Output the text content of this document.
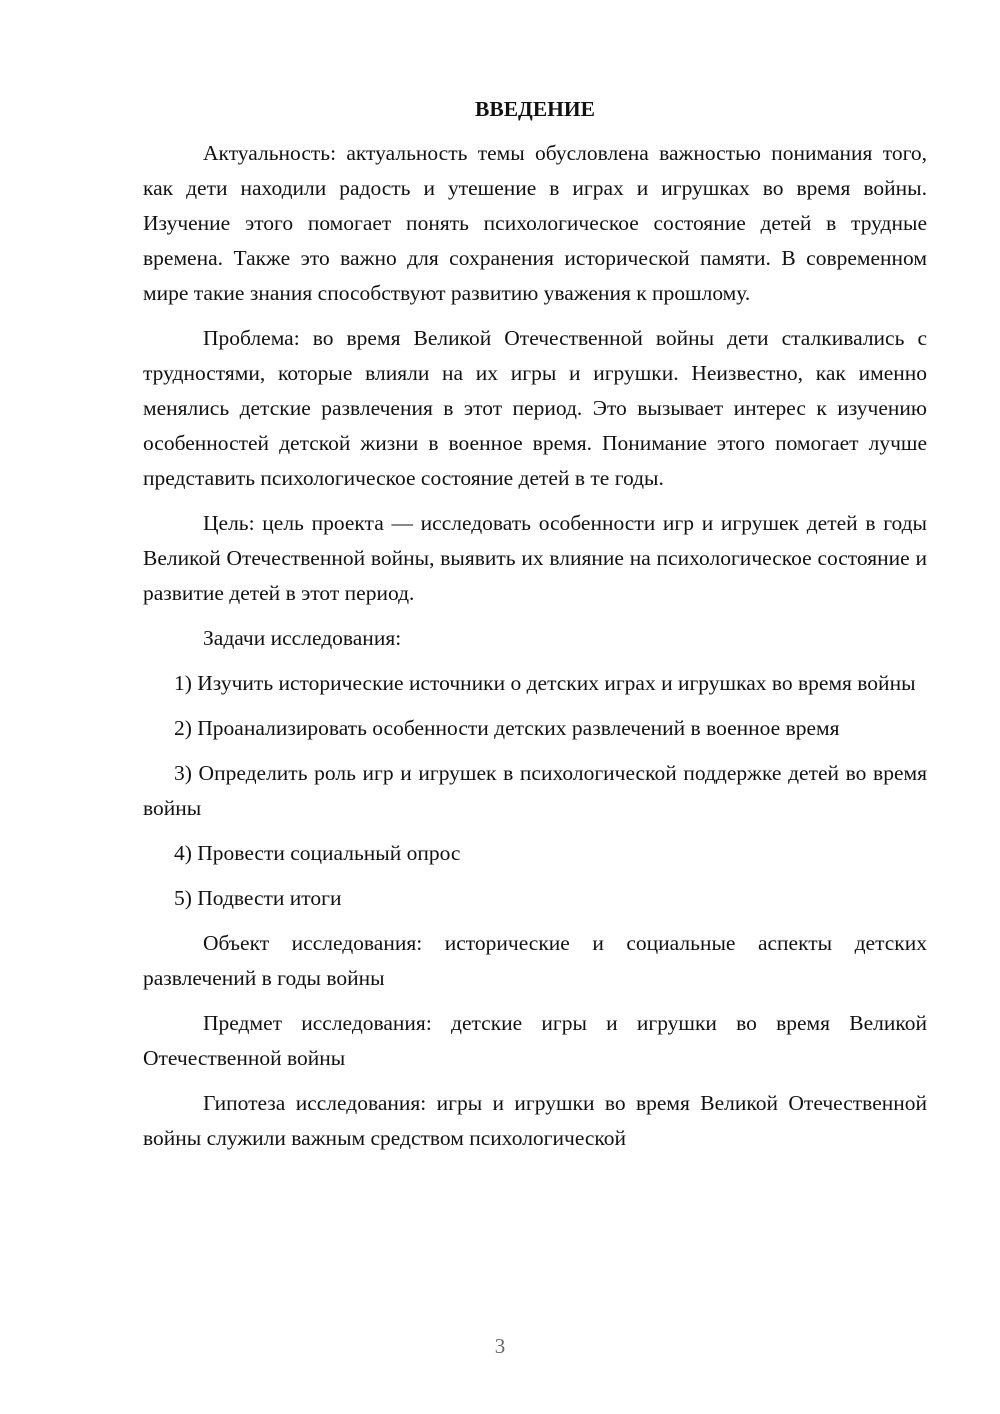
ВВЕДЕНИЕ

Актуальность: актуальность темы обусловлена важностью понимания того, как дети находили радость и утешение в играх и игрушках во время войны. Изучение этого помогает понять психологическое состояние детей в трудные времена. Также это важно для сохранения исторической памяти. В современном мире такие знания способствуют развитию уважения к прошлому.

Проблема: во время Великой Отечественной войны дети сталкивались с трудностями, которые влияли на их игры и игрушки. Неизвестно, как именно менялись детские развлечения в этот период. Это вызывает интерес к изучению особенностей детской жизни в военное время. Понимание этого помогает лучше представить психологическое состояние детей в те годы.

Цель: цель проекта — исследовать особенности игр и игрушек детей в годы Великой Отечественной войны, выявить их влияние на психологическое состояние и развитие детей в этот период.

Задачи исследования:

1) Изучить исторические источники о детских играх и игрушках во время войны

2) Проанализировать особенности детских развлечений в военное время

3) Определить роль игр и игрушек в психологической поддержке детей во время войны

4) Провести социальный опрос

5) Подвести итоги

Объект исследования: исторические и социальные аспекты детских развлечений в годы войны

Предмет исследования: детские игры и игрушки во время Великой Отечественной войны

Гипотеза исследования: игры и игрушки во время Великой Отечественной войны служили важным средством психологической

3
